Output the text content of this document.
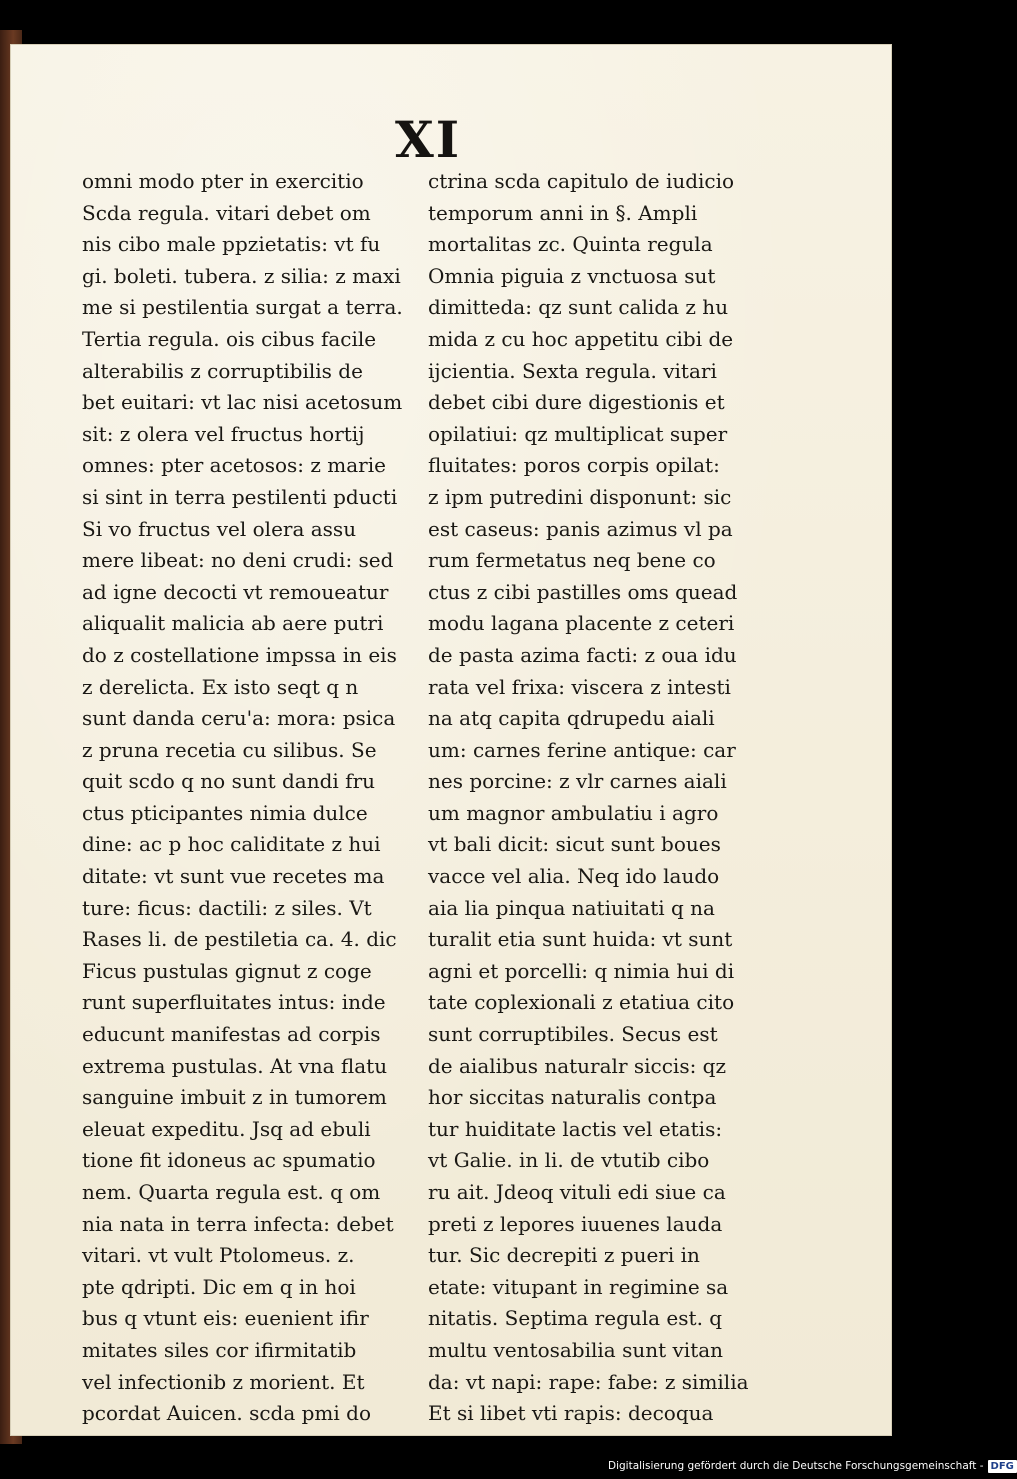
XI
omni modo pter in exercitio
Scda regula. vitari debet om
nis cibo male ppzietatis: vt fu
gi. boleti. tubera. z silia: z maxi
me si pestilentia surgat a terra.
Tertia regula. ois cibus facile
alterabilis z corruptibilis de
bet euitari: vt lac nisi acetosum
sit: z olera vel fructus hortij
omnes: pter acetosos: z marie
si sint in terra pestilenti pducti
Si vo fructus vel olera assu
mere libeat: no deni crudi: sed
ad igne decocti vt remoueatur
aliqualit malicia ab aere putri
do z costellatione impssa in eis
z derelicta. Ex isto seqt q n
sunt danda ceru'a: mora: psica
z pruna recetia cu silibus. Se
quit scdo q no sunt dandi fru
ctus pticipantes nimia dulce
dine: ac p hoc caliditate z hui
ditate: vt sunt vue recetes ma
ture: ficus: dactili: z siles. Vt
Rases li. de pestiletia ca. 4. dic
Ficus pustulas gignut z coge
runt superfluitates intus: inde
educunt manifestas ad corpis
extrema pustulas. At vna flatu
sanguine imbuit z in tumorem
eleuat expeditu. Jsq ad ebuli
tione fit idoneus ac spumatio
nem. Quarta regula est. q om
nia nata in terra infecta: debet
vitari. vt vult Ptolomeus. z.
pte qdripti. Dic em q in hoi
bus q vtunt eis: euenient ifir
mitates siles cor ifirmitatib
vel infectionib z morient. Et
pcordat Auicen. scda pmi do
ctrina scda capitulo de iudicio
temporum anni in §. Ampli
mortalitas zc. Quinta regula
Omnia piguia z vnctuosa sut
dimitteda: qz sunt calida z hu
mida z cu hoc appetitu cibi de
ijcientia. Sexta regula. vitari
debet cibi dure digestionis et
opilatiui: qz multiplicat super
fluitates: poros corpis opilat:
z ipm putredini disponunt: sic
est caseus: panis azimus vl pa
rum fermetatus neq bene co
ctus z cibi pastilles oms quead
modu lagana placente z ceteri
de pasta azima facti: z oua idu
rata vel frixa: viscera z intesti
na atq capita qdrupedu aiali
um: carnes ferine antique: car
nes porcine: z vlr carnes aiali
um magnor ambulatiu i agro
vt bali dicit: sicut sunt boues
vacce vel alia. Neq ido laudo
aia lia pinqua natiuitati q na
turalit etia sunt huida: vt sunt
agni et porcelli: q nimia hui di
tate coplexionali z etatiua cito
sunt corruptibiles. Secus est
de aialibus naturalr siccis: qz
hor siccitas naturalis contpa
tur huiditate lactis vel etatis:
vt Galie. in li. de vtutib cibo
ru ait. Jdeoq vituli edi siue ca
preti z lepores iuuenes lauda
tur. Sic decrepiti z pueri in
etate: vitupant in regimine sa
nitatis. Septima regula est. q
multu ventosabilia sunt vitan
da: vt napi: rape: fabe: z similia
Et si libet vti rapis: decoqua
Digitalisierung gefördert durch die Deutsche Forschungsgemeinschaft - DFG
